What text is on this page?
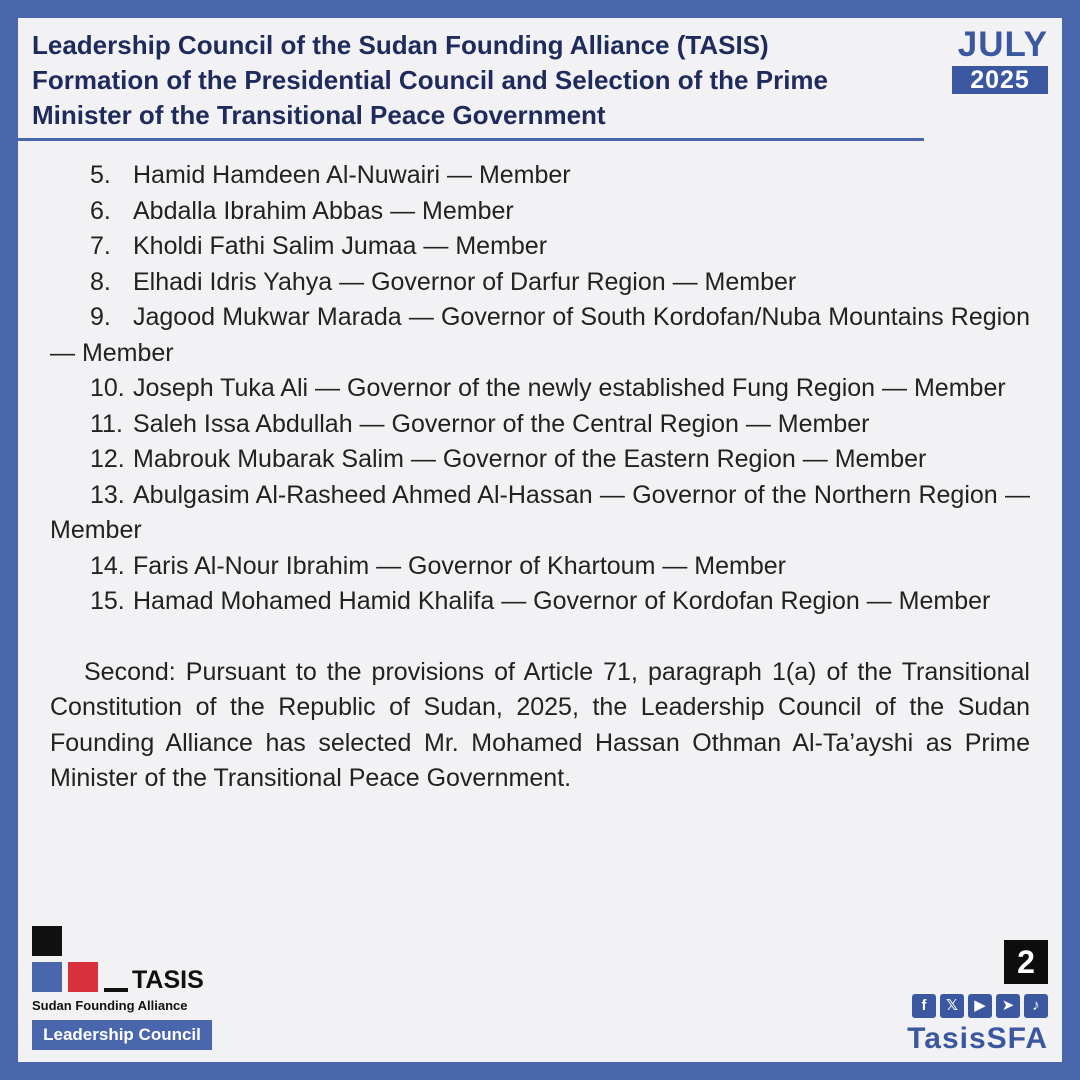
Leadership Council of the Sudan Founding Alliance (TASIS)
Formation of the Presidential Council and Selection of the Prime Minister of the Transitional Peace Government
JULY
2025

5. Hamid Hamdeen Al-Nuwairi — Member

6. Abdalla Ibrahim Abbas — Member

7. Kholdi Fathi Salim Jumaa — Member

8. Elhadi Idris Yahya — Governor of Darfur Region — Member

9. Jagood Mukwar Marada — Governor of South Kordofan/Nuba Mountains Region — Member

10. Joseph Tuka Ali — Governor of the newly established Fung Region — Member

11. Saleh Issa Abdullah — Governor of the Central Region — Member

12. Mabrouk Mubarak Salim — Governor of the Eastern Region — Member

13. Abulgasim Al-Rasheed Ahmed Al-Hassan — Governor of the Northern Region — Member

14. Faris Al-Nour Ibrahim — Governor of Khartoum — Member

15. Hamad Mohamed Hamid Khalifa — Governor of Kordofan Region — Member

Second: Pursuant to the provisions of Article 71, paragraph 1(a) of the Transitional Constitution of the Republic of Sudan, 2025, the Leadership Council of the Sudan Founding Alliance has selected Mr. Mohamed Hassan Othman Al-Ta’ayshi as Prime Minister of the Transitional Peace Government.

TASIS
Sudan Founding Alliance
Leadership Council
2
f	𝕏	▶	➤	♪
TasisSFA
